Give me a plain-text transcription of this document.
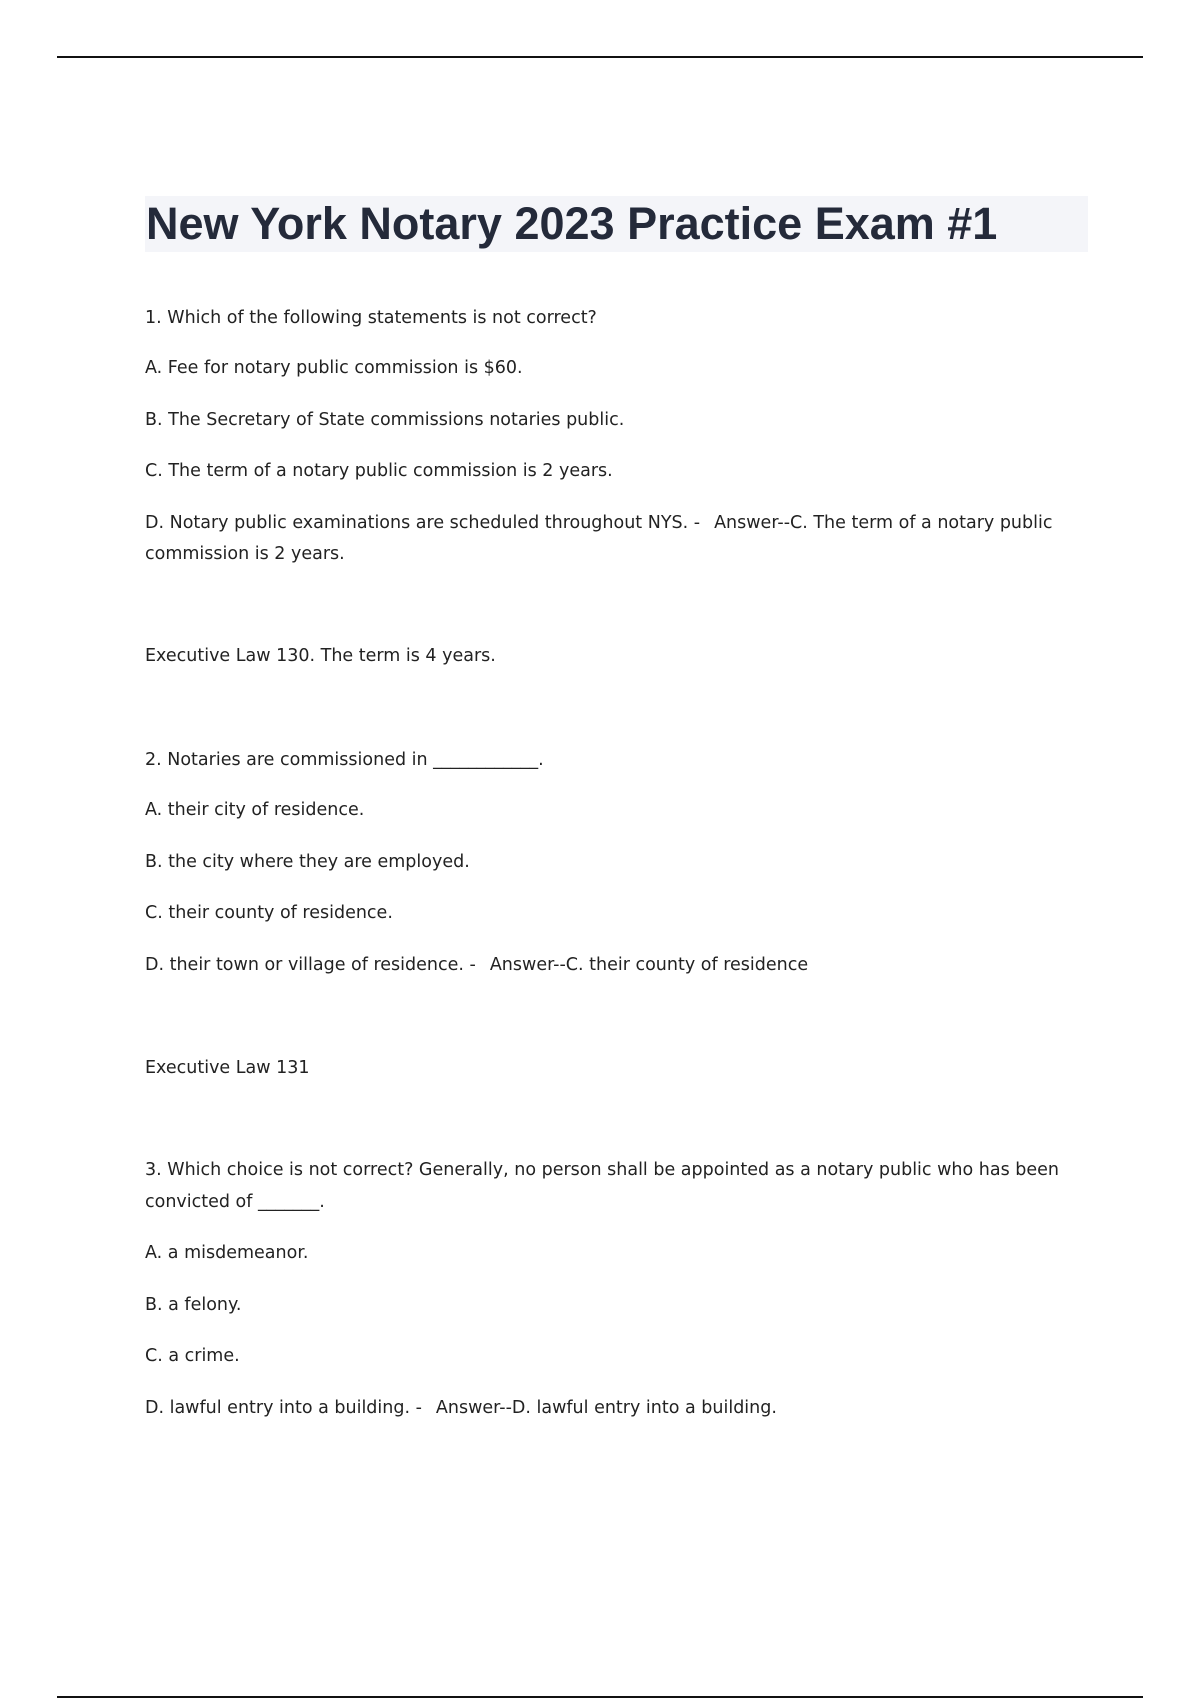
New York Notary 2023 Practice Exam #1

1. Which of the following statements is not correct?

A. Fee for notary public commission is $60.

B. The Secretary of State commissions notaries public.

C. The term of a notary public commission is 2 years.

D. Notary public examinations are scheduled throughout NYS. - Answer--C. The term of a notary public

commission is 2 years.

Executive Law 130. The term is 4 years.

2. Notaries are commissioned in ____________.

A. their city of residence.

B. the city where they are employed.

C. their county of residence.

D. their town or village of residence. - Answer--C. their county of residence

Executive Law 131

3. Which choice is not correct? Generally, no person shall be appointed as a notary public who has been

convicted of _______.

A. a misdemeanor.

B. a felony.

C. a crime.

D. lawful entry into a building. - Answer--D. lawful entry into a building.
